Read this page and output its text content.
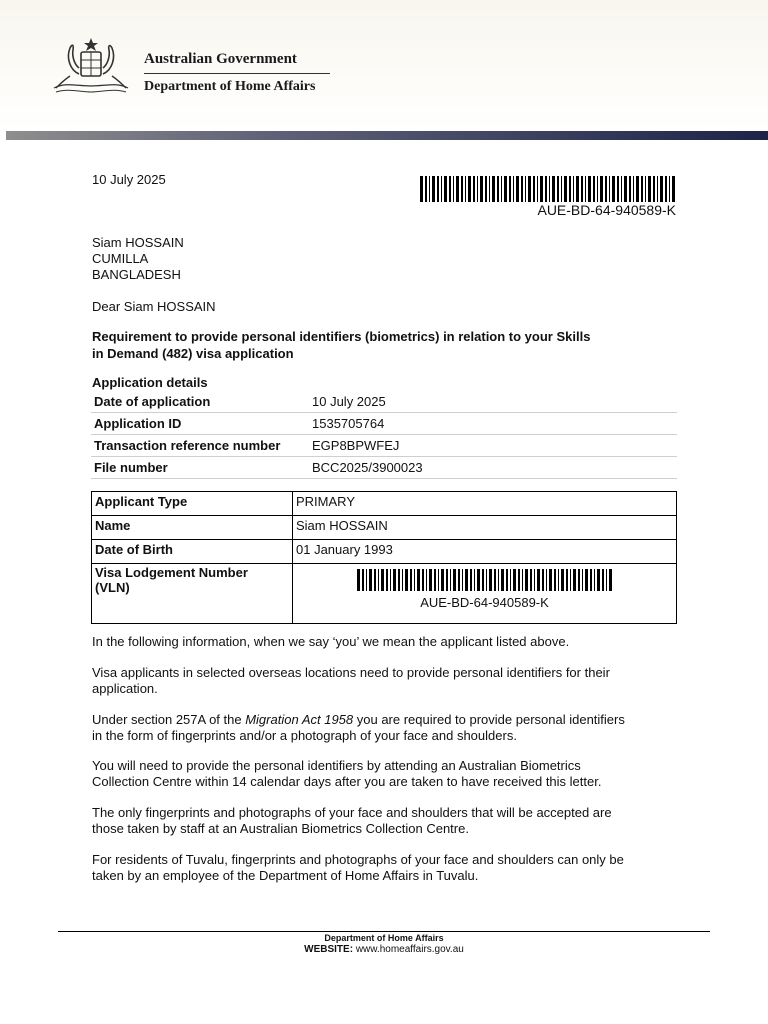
Australian Government
Department of Home Affairs
10 July 2025
AUE-BD-64-940589-K
Siam HOSSAIN
CUMILLA
BANGLADESH
Dear Siam HOSSAIN
Requirement to provide personal identifiers (biometrics) in relation to your Skills
in Demand (482) visa application
Application details
Date of application	10 July 2025
Application ID	1535705764
Transaction reference number	EGP8BPWFEJ
File number	BCC2025/3900023
Applicant Type	PRIMARY
Name	Siam HOSSAIN
Date of Birth	01 January 1993

Visa Lodgement Number
(VLN)	AUE-BD-64-940589-K
In the following information, when we say ‘you’ we mean the applicant listed above.
Visa applicants in selected overseas locations need to provide personal identifiers for their
application.
Under section 257A of the Migration Act 1958 you are required to provide personal identifiers
in the form of fingerprints and/or a photograph of your face and shoulders.
You will need to provide the personal identifiers by attending an Australian Biometrics
Collection Centre within 14 calendar days after you are taken to have received this letter.
The only fingerprints and photographs of your face and shoulders that will be accepted are
those taken by staff at an Australian Biometrics Collection Centre.
For residents of Tuvalu, fingerprints and photographs of your face and shoulders can only be
taken by an employee of the Department of Home Affairs in Tuvalu.
Department of Home Affairs
WEBSITE: www.homeaffairs.gov.au
